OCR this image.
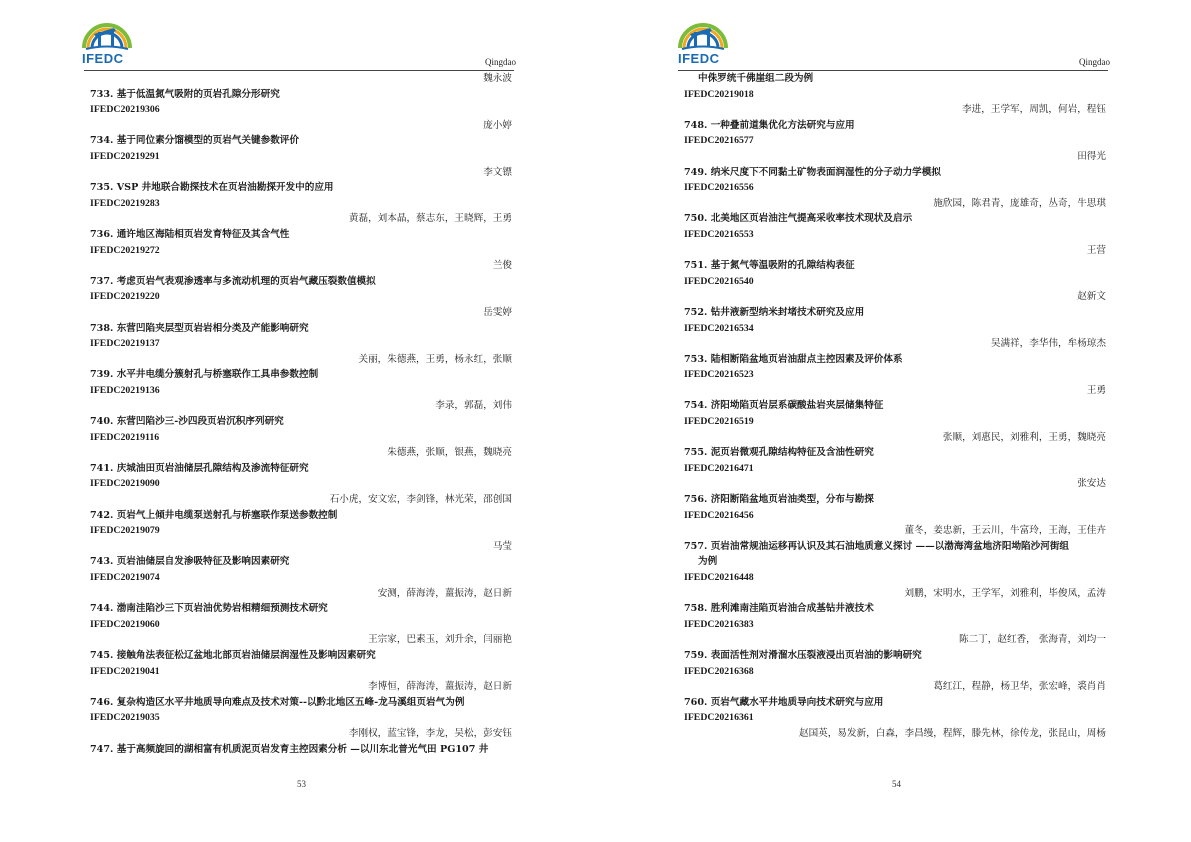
IFEDC	Qingdao
魏永波
733. 基于低温氮气吸附的页岩孔隙分形研究
IFEDC20219306
庞小婷
734. 基于同位素分馏模型的页岩气关键参数评价
IFEDC20219291
李文镖
735. VSP 井地联合勘探技术在页岩油勘探开发中的应用
IFEDC20219283
黄磊，刘本晶，蔡志东，王晓辉，王勇
736. 通许地区海陆相页岩发育特征及其含气性
IFEDC20219272
兰俊
737. 考虑页岩气表观渗透率与多流动机理的页岩气藏压裂数值模拟
IFEDC20219220
岳雯婷
738. 东营凹陷夹层型页岩岩相分类及产能影响研究
IFEDC20219137
关丽，朱德燕，王勇，杨永红，张顺
739. 水平井电缆分簇射孔与桥塞联作工具串参数控制
IFEDC20219136
李录，郭磊，刘伟
740. 东营凹陷沙三-沙四段页岩沉积序列研究
IFEDC20219116
朱德燕，张顺，银燕，魏晓亮
741. 庆城油田页岩油储层孔隙结构及渗流特征研究
IFEDC20219090
石小虎，安文宏，李剑锋，林光荣，邵创国
742. 页岩气上倾井电缆泵送射孔与桥塞联作泵送参数控制
IFEDC20219079
马莹
743. 页岩油储层自发渗吸特征及影响因素研究
IFEDC20219074
安测，薛海涛，薑振涛，赵日新
744. 渤南洼陷沙三下页岩油优势岩相精细预测技术研究
IFEDC20219060
王宗家，巴素玉，刘升余，闫丽艳
745. 接触角法表征松辽盆地北部页岩油储层润湿性及影响因素研究
IFEDC20219041
李博恒，薛海涛，薑振涛，赵日新
746. 复杂构造区水平井地质导向难点及技术对策--以黔北地区五峰-龙马溪组页岩气为例
IFEDC20219035
李刚权，蓝宝锋，李龙，吴松，彭安钰
747. 基于高频旋回的湖相富有机质泥页岩发育主控因素分析 —以川东北普光气田 PG107 井
53
IFEDC	Qingdao
中侏罗统千佛崖组二段为例
IFEDC20219018
李进，王学军，周凯，何岩，程钰
748. 一种叠前道集优化方法研究与应用
IFEDC20216577
田得光
749. 纳米尺度下不同黏土矿物表面润湿性的分子动力学模拟
IFEDC20216556
施欣园，陈君青，庞雄奇，丛奇，牛思琪
750. 北美地区页岩油注气提高采收率技术现状及启示
IFEDC20216553
王营
751. 基于氮气等温吸附的孔隙结构表征
IFEDC20216540
赵新文
752. 钻井液新型纳米封堵技术研究及应用
IFEDC20216534
吴满祥，李华伟，牟杨琼杰
753. 陆相断陷盆地页岩油甜点主控因素及评价体系
IFEDC20216523
王勇
754. 济阳坳陷页岩层系碳酸盐岩夹层储集特征
IFEDC20216519
张顺，刘惠民，刘雅利，王勇，魏晓亮
755. 泥页岩微观孔隙结构特征及含油性研究
IFEDC20216471
张安达
756. 济阳断陷盆地页岩油类型，分布与勘探
IFEDC20216456
董冬，姜忠新，王云川，牛富玲，王海，王佳卉
757. 页岩油常规油运移再认识及其石油地质意义探讨 ——以渤海湾盆地济阳坳陷沙河街组
为例
IFEDC20216448
刘鹏，宋明水，王学军，刘雅利，毕俊凤，孟涛
758. 胜利滩南洼陷页岩油合成基钻井液技术
IFEDC20216383
陈二丁，赵红香， 张海青，刘均一
759. 表面活性剂对滑溜水压裂液浸出页岩油的影响研究
IFEDC20216368
葛红江，程静，杨卫华，张宏峰，裘肖肖
760. 页岩气藏水平井地质导向技术研究与应用
IFEDC20216361
赵国英，易发新，白森，李昌缦，程辉，滕先林，徐传龙，张昆山，周杨
54
